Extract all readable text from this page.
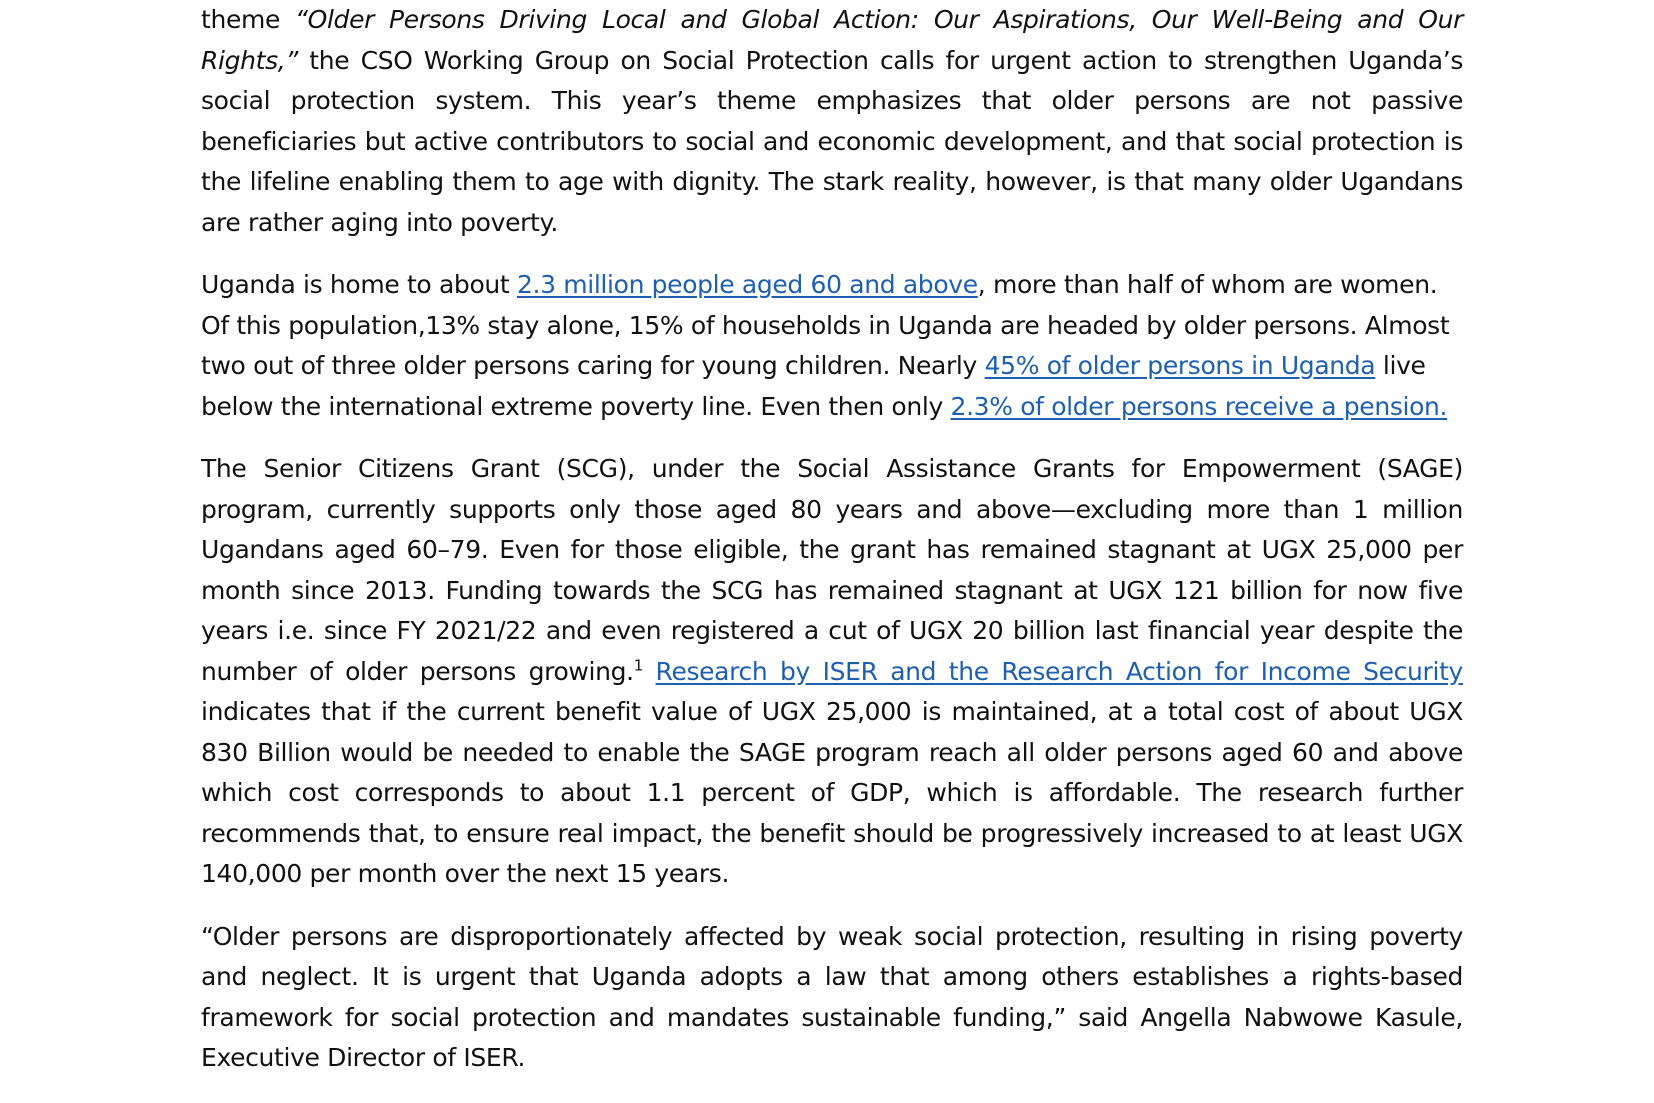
theme “Older Persons Driving Local and Global Action: Our Aspirations, Our Well-Being and Our Rights,” the CSO Working Group on Social Protection calls for urgent action to strengthen Uganda’s social protection system. This year’s theme emphasizes that older persons are not passive beneficiaries but active contributors to social and economic development, and that social protection is the lifeline enabling them to age with dignity. The stark reality, however, is that many older Ugandans are rather aging into poverty.

Uganda is home to about 2.3 million people aged 60 and above, more than half of whom are women. Of this population,13% stay alone, 15% of households in Uganda are headed by older persons. Almost two out of three older persons caring for young children. Nearly 45% of older persons in Uganda live below the international extreme poverty line. Even then only 2.3% of older persons receive a pension.

The Senior Citizens Grant (SCG), under the Social Assistance Grants for Empowerment (SAGE) program, currently supports only those aged 80 years and above—excluding more than 1 million Ugandans aged 60–79. Even for those eligible, the grant has remained stagnant at UGX 25,000 per month since 2013. Funding towards the SCG has remained stagnant at UGX 121 billion for now five years i.e. since FY 2021/22 and even registered a cut of UGX 20 billion last financial year despite the number of older persons growing.$^1$ Research by ISER and the Research Action for Income Security indicates that if the current benefit value of UGX 25,000 is maintained, at a total cost of about UGX 830 Billion would be needed to enable the SAGE program reach all older persons aged 60 and above which cost corresponds to about 1.1 percent of GDP, which is affordable. The research further recommends that, to ensure real impact, the benefit should be progressively increased to at least UGX 140,000 per month over the next 15 years.

“Older persons are disproportionately affected by weak social protection, resulting in rising poverty and neglect. It is urgent that Uganda adopts a law that among others establishes a rights-based framework for social protection and mandates sustainable funding,” said Angella Nabwowe Kasule, Executive Director of ISER.
